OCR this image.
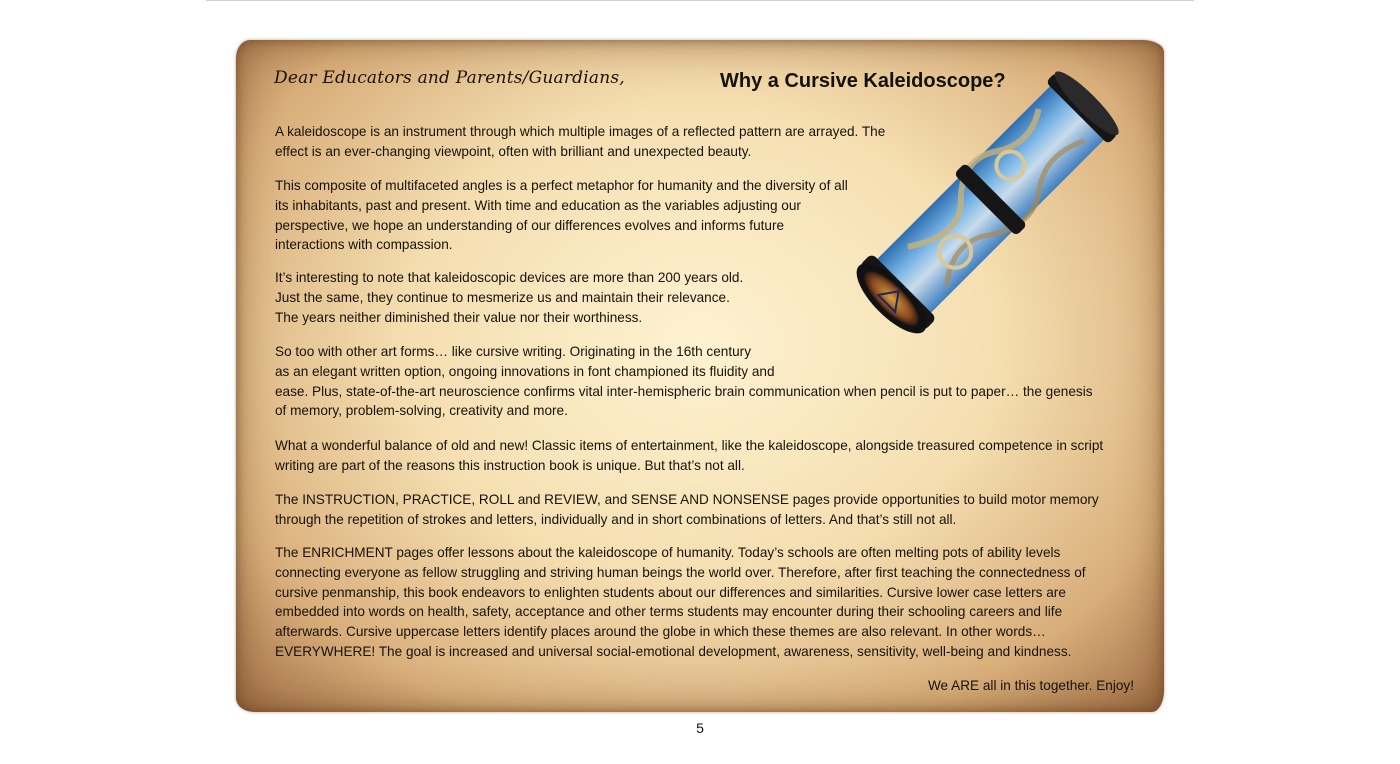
Dear Educators and Parents/Guardians,	Why a Cursive Kaleidoscope?
A kaleidoscope is an instrument through which multiple images of a reflected pattern are arrayed. The
effect is an ever-changing viewpoint, often with brilliant and unexpected beauty.
This composite of multifaceted angles is a perfect metaphor for humanity and the diversity of all
its inhabitants, past and present. With time and education as the variables adjusting our
perspective, we hope an understanding of our differences evolves and informs future
interactions with compassion.
It’s interesting to note that kaleidoscopic devices are more than 200 years old.
Just the same, they continue to mesmerize us and maintain their relevance.
The years neither diminished their value nor their worthiness.
So too with other art forms… like cursive writing. Originating in the 16th century
as an elegant written option, ongoing innovations in font championed its fluidity and
ease. Plus, state-of-the-art neuroscience confirms vital inter-hemispheric brain communication when pencil is put to paper… the genesis
of memory, problem-solving, creativity and more.
What a wonderful balance of old and new! Classic items of entertainment, like the kaleidoscope, alongside treasured competence in script
writing are part of the reasons this instruction book is unique. But that’s not all.
The INSTRUCTION, PRACTICE, ROLL and REVIEW, and SENSE AND NONSENSE pages provide opportunities to build motor memory
through the repetition of strokes and letters, individually and in short combinations of letters. And that’s still not all.
The ENRICHMENT pages offer lessons about the kaleidoscope of humanity. Today’s schools are often melting pots of ability levels
connecting everyone as fellow struggling and striving human beings the world over. Therefore, after first teaching the connectedness of
cursive penmanship, this book endeavors to enlighten students about our differences and similarities. Cursive lower case letters are
embedded into words on health, safety, acceptance and other terms students may encounter during their schooling careers and life
afterwards. Cursive uppercase letters identify places around the globe in which these themes are also relevant. In other words…
EVERYWHERE! The goal is increased and universal social-emotional development, awareness, sensitivity, well-being and kindness.
We ARE all in this together. Enjoy!
5
